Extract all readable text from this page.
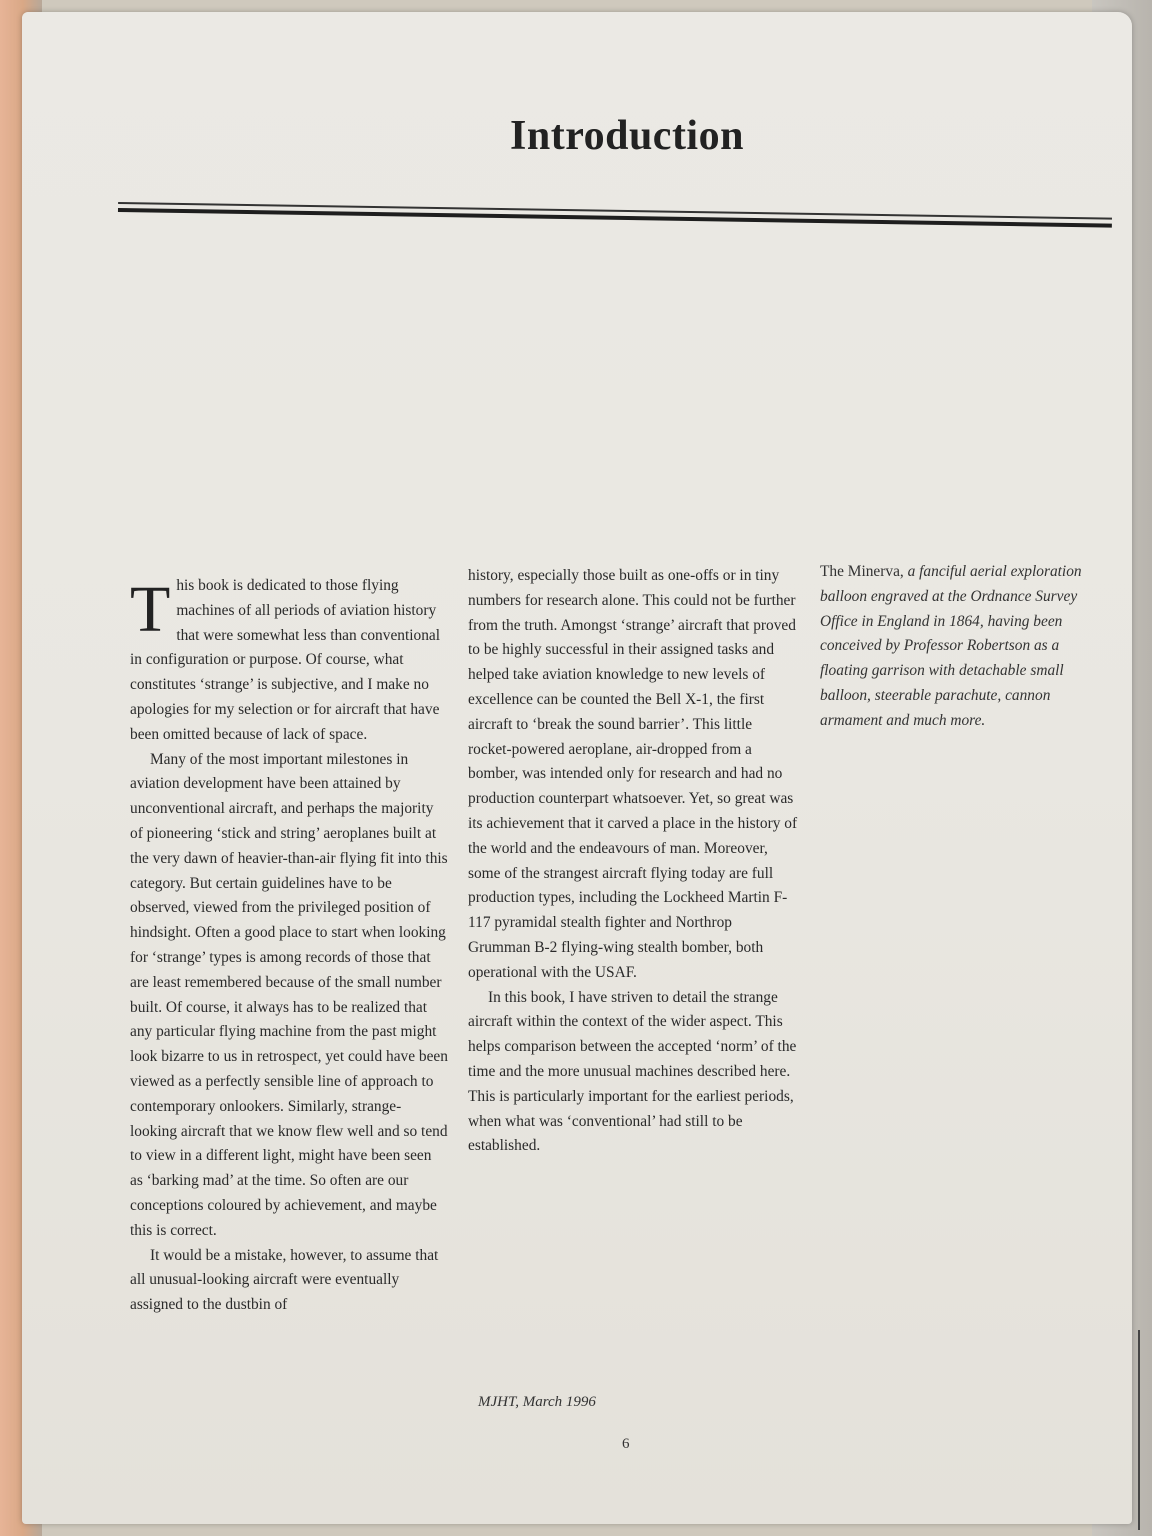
Introduction

This book is dedicated to those flying machines of all periods of aviation history that were somewhat less than conventional in configuration or purpose. Of course, what constitutes ‘strange’ is subjective, and I make no apologies for my selection or for aircraft that have been omitted because of lack of space.

Many of the most important milestones in aviation development have been attained by unconventional aircraft, and perhaps the majority of pioneering ‘stick and string’ aeroplanes built at the very dawn of heavier-than-air flying fit into this category. But certain guidelines have to be observed, viewed from the privileged position of hindsight. Often a good place to start when looking for ‘strange’ types is among records of those that are least remembered because of the small number built. Of course, it always has to be realized that any particular flying machine from the past might look bizarre to us in retrospect, yet could have been viewed as a perfectly sensible line of approach to contemporary onlookers. Similarly, strange-looking aircraft that we know flew well and so tend to view in a different light, might have been seen as ‘barking mad’ at the time. So often are our conceptions coloured by achievement, and maybe this is correct.

It would be a mistake, however, to assume that all unusual-looking aircraft were eventually assigned to the dustbin of

history, especially those built as one-offs or in tiny numbers for research alone. This could not be further from the truth. Amongst ‘strange’ aircraft that proved to be highly successful in their assigned tasks and helped take aviation knowledge to new levels of excellence can be counted the Bell X-1, the first aircraft to ‘break the sound barrier’. This little rocket-powered aeroplane, air-dropped from a bomber, was intended only for research and had no production counterpart whatsoever. Yet, so great was its achievement that it carved a place in the history of the world and the endeavours of man. Moreover, some of the strangest aircraft flying today are full production types, including the Lockheed Martin F-117 pyramidal stealth fighter and Northrop Grumman B-2 flying-wing stealth bomber, both operational with the USAF.

In this book, I have striven to detail the strange aircraft within the context of the wider aspect. This helps comparison between the accepted ‘norm’ of the time and the more unusual machines described here. This is particularly important for the earliest periods, when what was ‘conventional’ had still to be established.

The Minerva, a fanciful aerial exploration balloon engraved at the Ordnance Survey Office in England in 1864, having been conceived by Professor Robertson as a floating garrison with detachable small balloon, steerable parachute, cannon armament and much more.
MJHT, March 1996
6
